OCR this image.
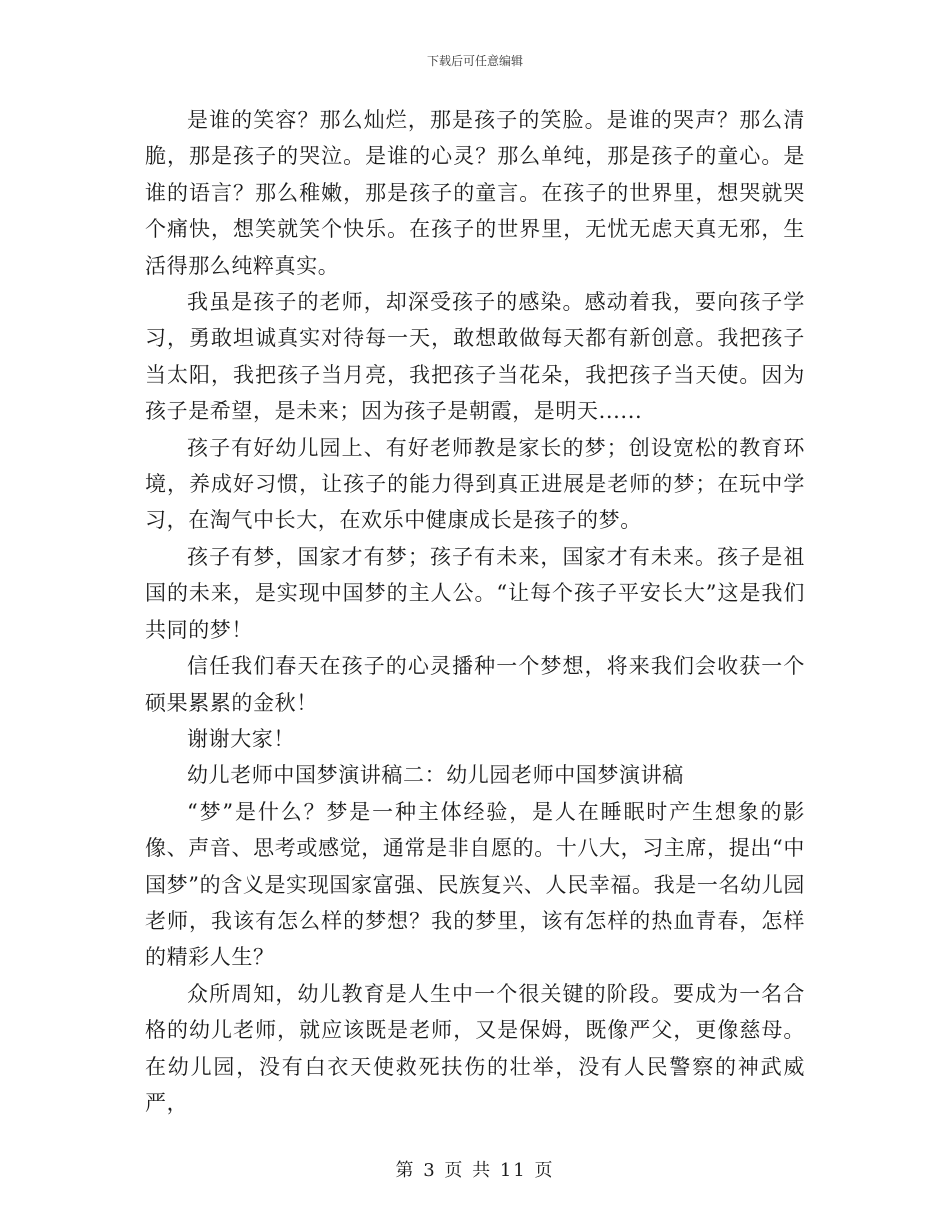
下载后可任意编辑

是谁的笑容？那么灿烂，那是孩子的笑脸。是谁的哭声？那么清脆，那是孩子的哭泣。是谁的心灵？那么单纯，那是孩子的童心。是谁的语言？那么稚嫩，那是孩子的童言。在孩子的世界里，想哭就哭个痛快，想笑就笑个快乐。在孩子的世界里，无忧无虑天真无邪，生活得那么纯粹真实。

我虽是孩子的老师，却深受孩子的感染。感动着我，要向孩子学习，勇敢坦诚真实对待每一天，敢想敢做每天都有新创意。我把孩子当太阳，我把孩子当月亮，我把孩子当花朵，我把孩子当天使。因为孩子是希望，是未来；因为孩子是朝霞，是明天......

孩子有好幼儿园上、有好老师教是家长的梦；创设宽松的教育环境，养成好习惯，让孩子的能力得到真正进展是老师的梦；在玩中学习，在淘气中长大，在欢乐中健康成长是孩子的梦。

孩子有梦，国家才有梦；孩子有未来，国家才有未来。孩子是祖国的未来，是实现中国梦的主人公。“让每个孩子平安长大”这是我们共同的梦！

信任我们春天在孩子的心灵播种一个梦想，将来我们会收获一个硕果累累的金秋！

谢谢大家！

幼儿老师中国梦演讲稿二：幼儿园老师中国梦演讲稿

“梦”是什么？梦是一种主体经验，是人在睡眠时产生想象的影像、声音、思考或感觉，通常是非自愿的。十八大，习主席，提出“中国梦”的含义是实现国家富强、民族复兴、人民幸福。我是一名幼儿园老师，我该有怎么样的梦想？我的梦里，该有怎样的热血青春，怎样的精彩人生？

众所周知，幼儿教育是人生中一个很关键的阶段。要成为一名合格的幼儿老师，就应该既是老师，又是保姆，既像严父，更像慈母。在幼儿园，没有白衣天使救死扶伤的壮举，没有人民警察的神武威严，

第 3 页 共 11 页
